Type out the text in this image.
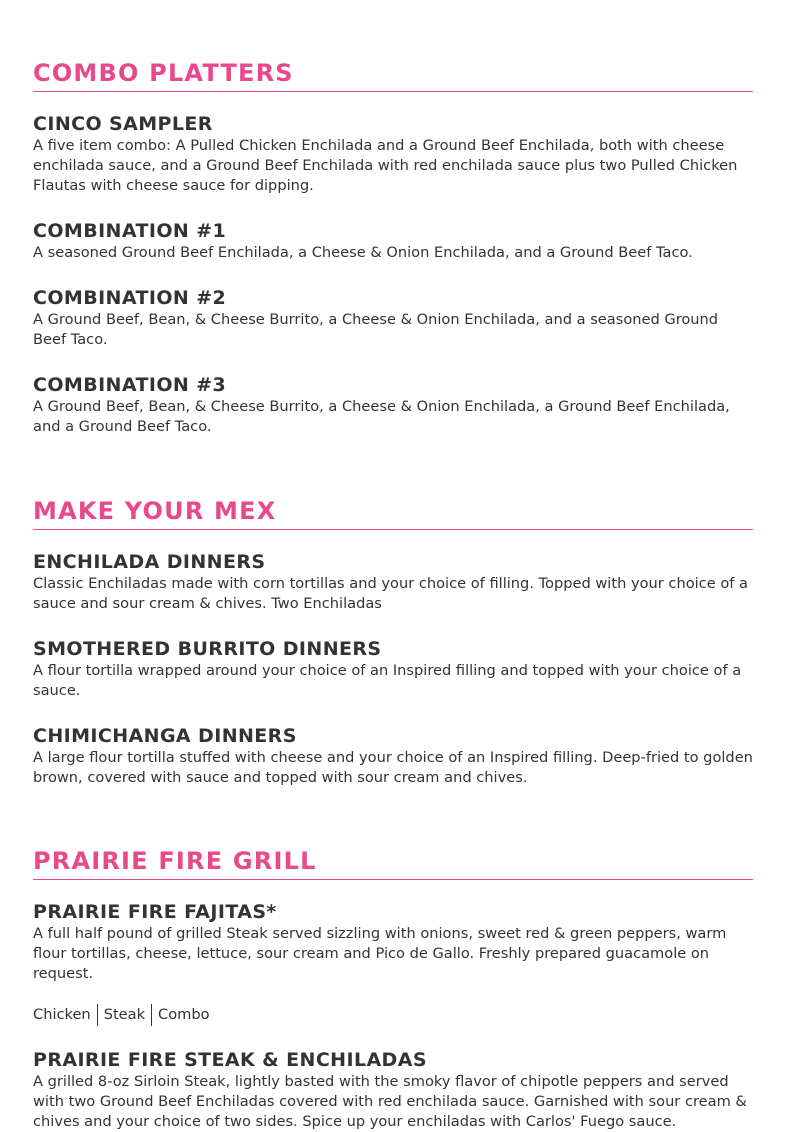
COMBO PLATTERS
CINCO SAMPLER

A five item combo: A Pulled Chicken Enchilada and a Ground Beef Enchilada, both with cheese enchilada sauce, and a Ground Beef Enchilada with red enchilada sauce plus two Pulled Chicken Flautas with cheese sauce for dipping.

COMBINATION #1

A seasoned Ground Beef Enchilada, a Cheese & Onion Enchilada, and a Ground Beef Taco.

COMBINATION #2

A Ground Beef, Bean, & Cheese Burrito, a Cheese & Onion Enchilada, and a seasoned Ground Beef Taco.

COMBINATION #3

A Ground Beef, Bean, & Cheese Burrito, a Cheese & Onion Enchilada, a Ground Beef Enchilada, and a Ground Beef Taco.

MAKE YOUR MEX
ENCHILADA DINNERS

Classic Enchiladas made with corn tortillas and your choice of filling. Topped with your choice of a sauce and sour cream & chives. Two Enchiladas

SMOTHERED BURRITO DINNERS

A flour tortilla wrapped around your choice of an Inspired filling and topped with your choice of a sauce.

CHIMICHANGA DINNERS

A large flour tortilla stuffed with cheese and your choice of an Inspired filling. Deep-fried to golden brown, covered with sauce and topped with sour cream and chives.

PRAIRIE FIRE GRILL
PRAIRIE FIRE FAJITAS*

A full half pound of grilled Steak served sizzling with onions, sweet red & green peppers, warm flour tortillas, cheese, lettuce, sour cream and Pico de Gallo. Freshly prepared guacamole on request.

Chicken Steak Combo
PRAIRIE FIRE STEAK & ENCHILADAS

A grilled 8-oz Sirloin Steak, lightly basted with the smoky flavor of chipotle peppers and served with two Ground Beef Enchiladas covered with red enchilada sauce. Garnished with sour cream & chives and your choice of two sides. Spice up your enchiladas with Carlos' Fuego sauce.
